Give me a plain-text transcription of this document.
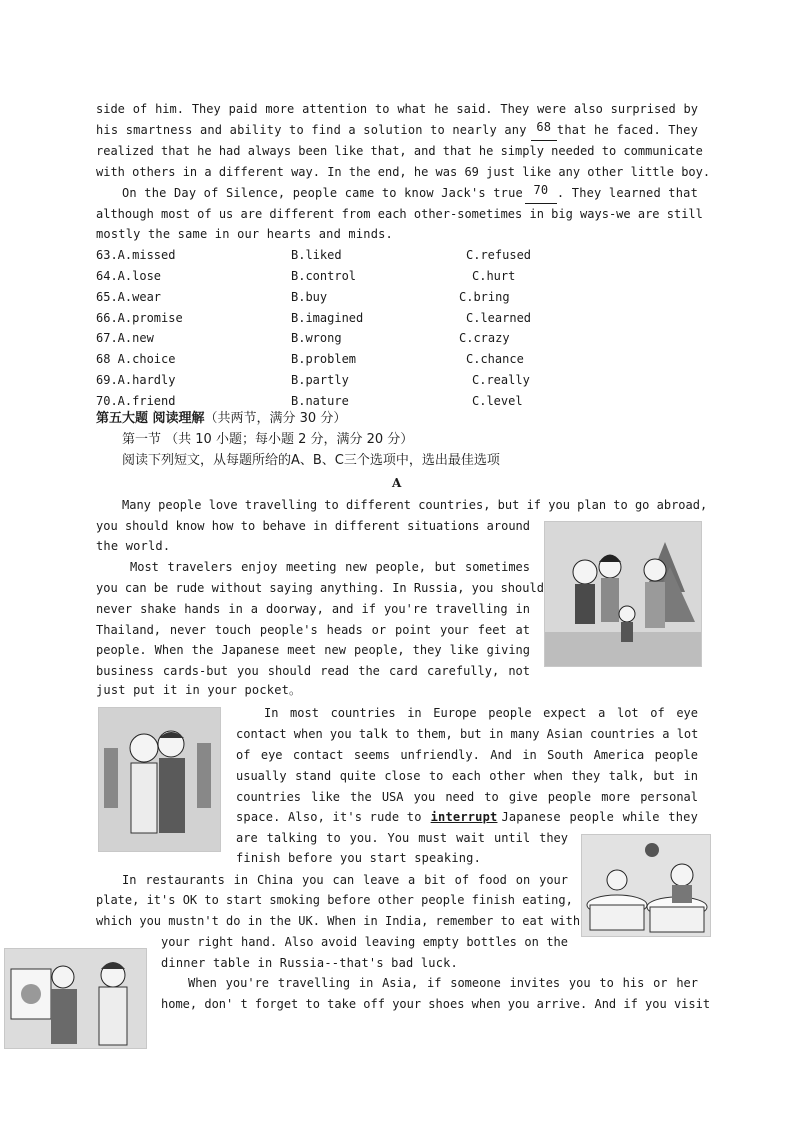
side of him. They paid more attention to what he said. They were also surprised by
his smartness and ability to find a solution to nearly any 68 that he faced. They
realized that he had always been like that, and that he simply needed to communicate
with others in a different way. In the end, he was 69 just like any other little boy.
On the Day of Silence, people came to know Jack's true 70 . They learned that
although most of us are different from each other-sometimes in big ways-we are still
mostly the same in our hearts and minds.
63.A.missed	B.liked	C.refused
64.A.lose	B.control	C.hurt
65.A.wear	B.buy	C.bring
66.A.promise	B.imagined	C.learned
67.A.new	B.wrong	C.crazy
68 A.choice	B.problem	C.chance
69.A.hardly	B.partly	C.really
70.A.friend	B.nature	C.level
第五大题 阅读理解（共两节，满分 30 分）
第一节 （共 10 小题；每小题 2 分，满分 20 分）
阅读下列短文，从每题所给的A、B、C三个选项中，选出最佳选项
A
Many people love travelling to different countries, but if you plan to go abroad,
you should know how to behave in different situations around
the world.
Most travelers enjoy meeting new people, but sometimes
you can be rude without saying anything. In Russia, you should
never shake hands in a doorway, and if you're travelling in
Thailand, never touch people's heads or point your feet at
people. When the Japanese meet new people, they like giving
business cards-but you should read the card carefully, not
just put it in your pocket。
In most countries in Europe people expect a lot of eye
contact when you talk to them, but in many Asian countries a lot
of eye contact seems unfriendly. And in South America people
usually stand quite close to each other when they talk, but in
countries like the USA you need to give people more personal
space. Also, it's rude to interrupt Japanese people while they
are talking to you. You must wait until they
finish before you start speaking.
In restaurants in China you can leave a bit of food on your
plate, it's OK to start smoking before other people finish eating,
which you mustn't do in the UK. When in India, remember to eat with
your right hand. Also avoid leaving empty bottles on the
dinner table in Russia--that's bad luck.
When you're travelling in Asia, if someone invites you to his or her
home, don' t forget to take off your shoes when you arrive. And if you visit
